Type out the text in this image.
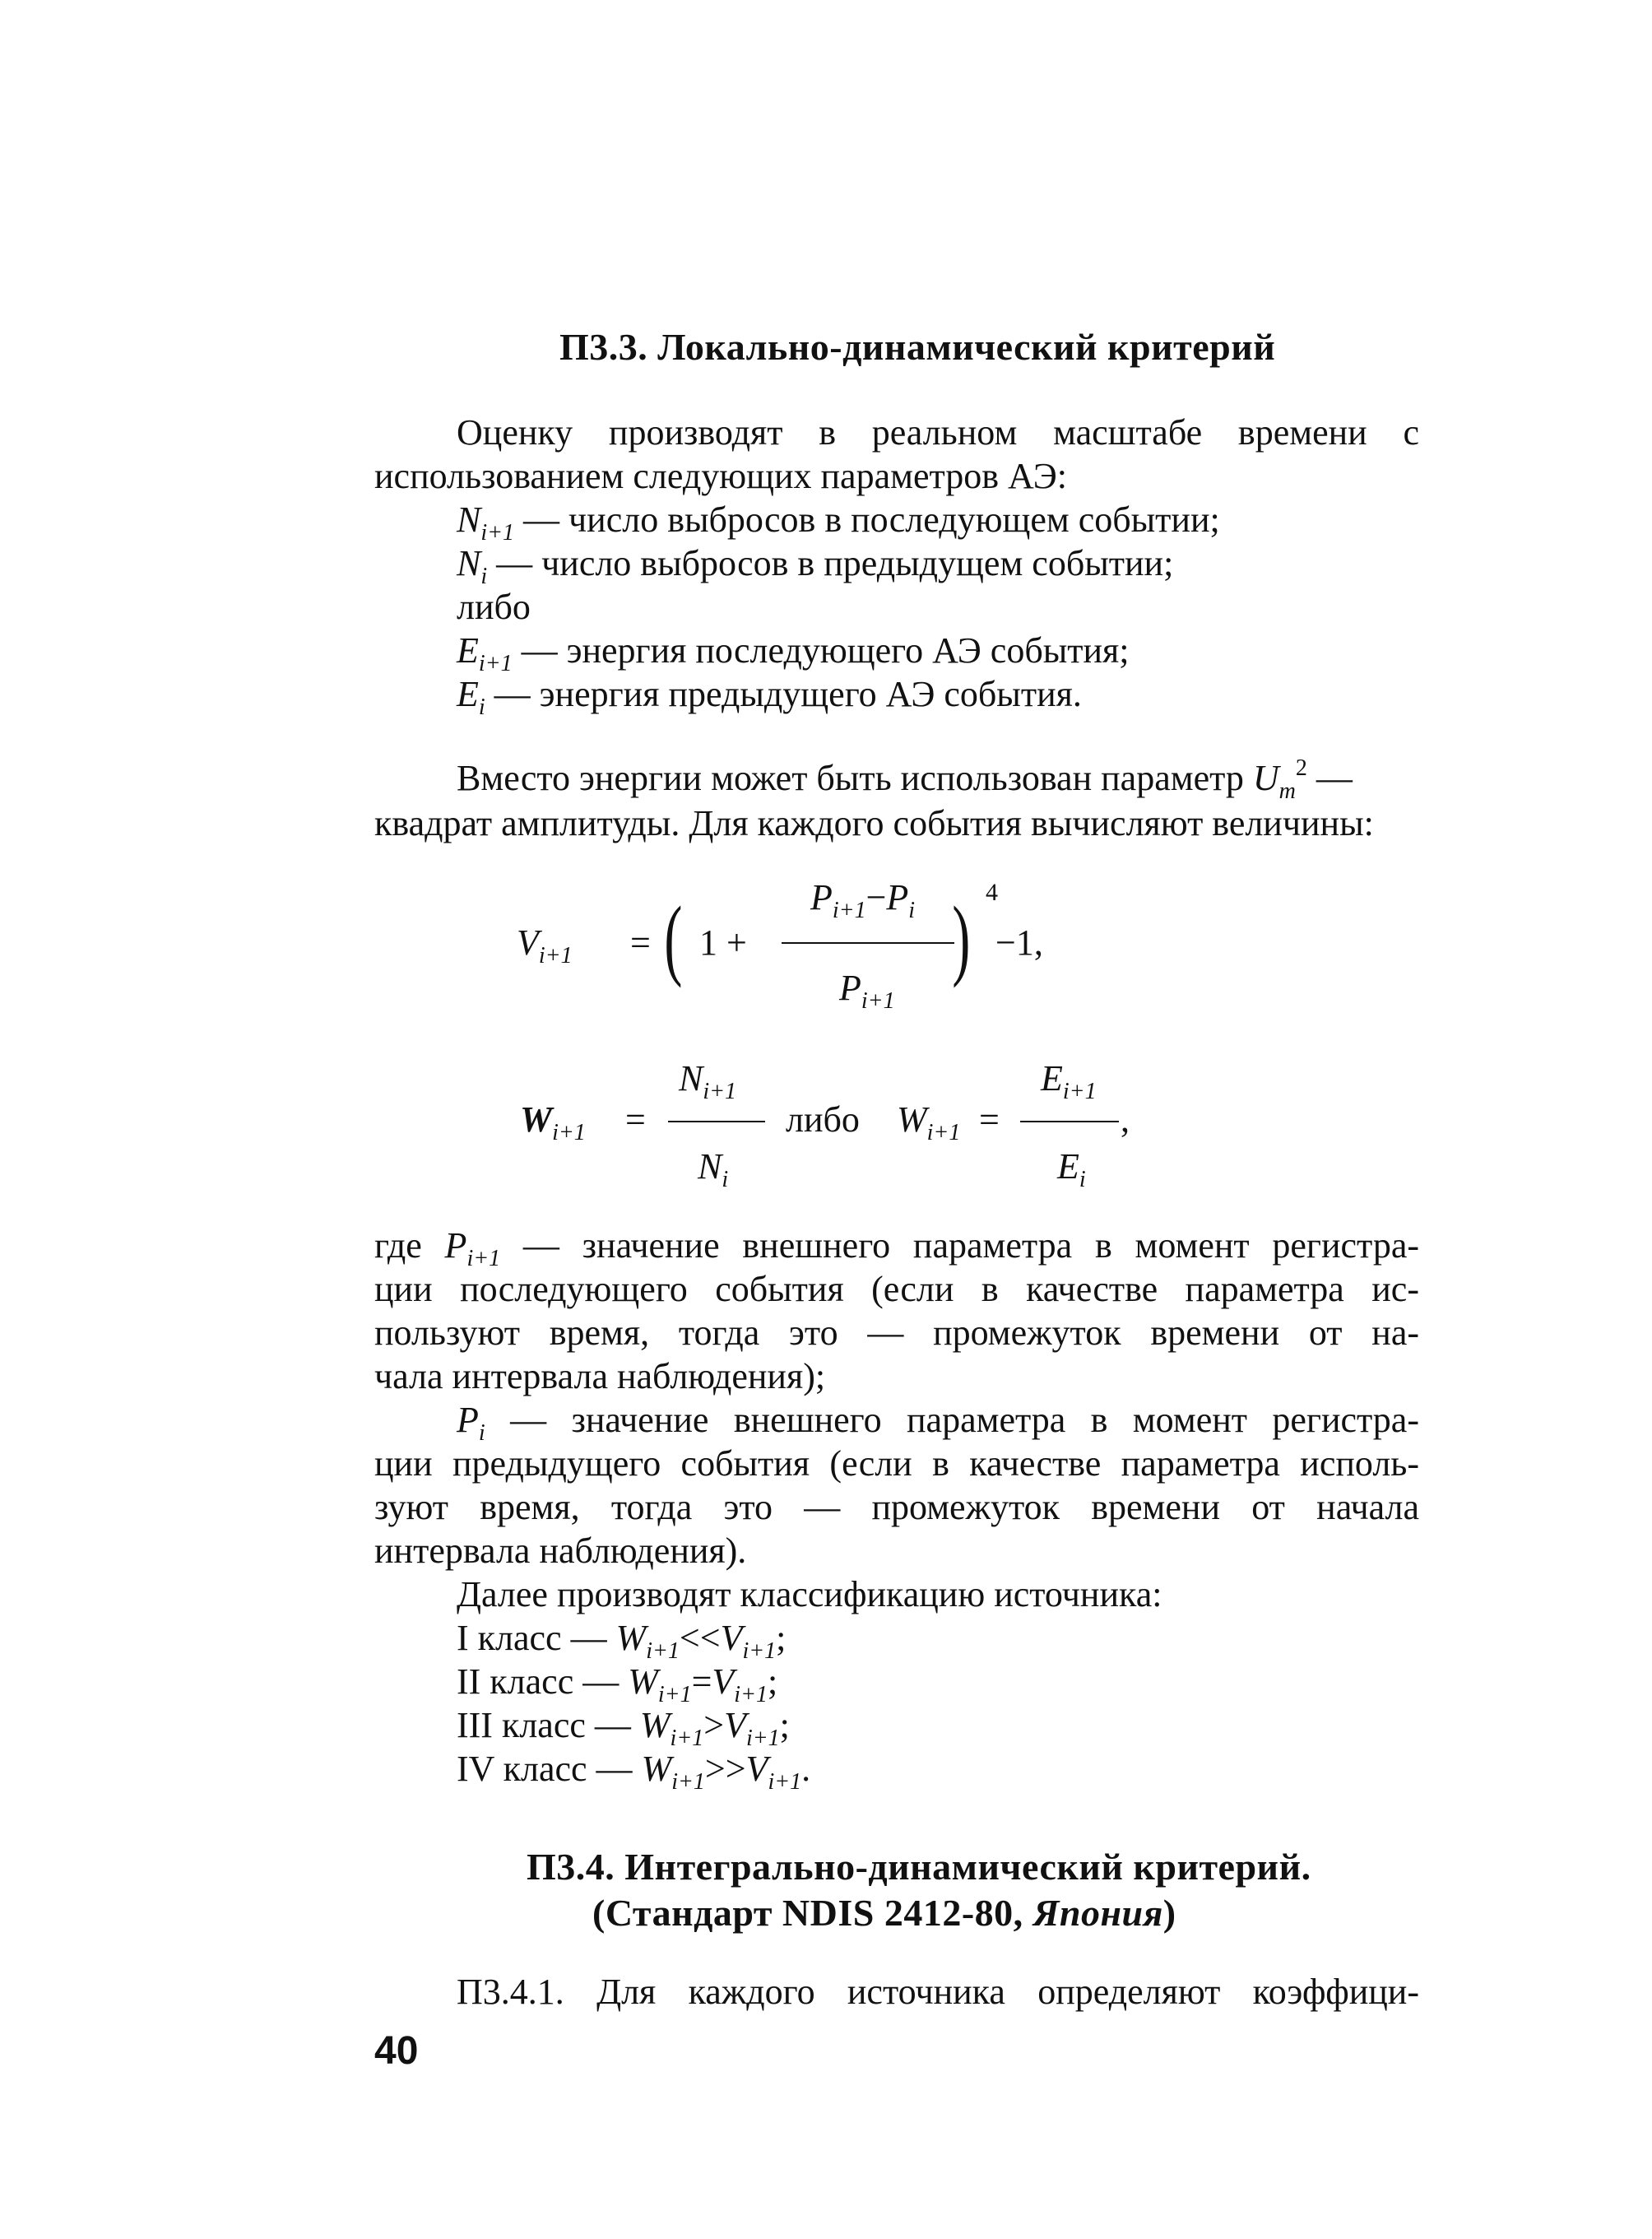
П3.3. Локально-динамический критерий
Оценку производят в реальном масштабе времени с
использованием следующих параметров АЭ:
$N_{i+1}$ — число выбросов в последующем событии;
$N_i$ — число выбросов в предыдущем событии;
либо
$E_{i+1}$ — энергия последующего АЭ события;
$E_i$ — энергия предыдущего АЭ события.
Вместо энергии может быть использован параметр $U_m^2$ —
квадрат амплитуды. Для каждого события вычисляют величины:
$V_{i+1}$ = ( 1 +
$P_{i+1}-P_i$
$P_{i+1}$
) 4
−1,
$W_{i+1}$ =
$N_{i+1}$
$N_i$
либо $W_{i+1}$ =
$E_{i+1}$
$E_i$
,
где $P_{i+1}$ — значение внешнего параметра в момент регистра-
ции последующего события (если в качестве параметра ис-
пользуют время, тогда это — промежуток времени от на-
чала интервала наблюдения);
$P_i$ — значение внешнего параметра в момент регистра-
ции предыдущего события (если в качестве параметра исполь-
зуют время, тогда это — промежуток времени от начала
интервала наблюдения).
Далее производят классификацию источника:
I класс — $W_{i+1}<<V_{i+1}$;
II класс — $W_{i+1}=V_{i+1}$;
III класс — $W_{i+1}>V_{i+1}$;
IV класс — $W_{i+1}>>V_{i+1}$.
П3.4. Интегрально-динамический критерий.
(Стандарт NDIS 2412-80, Япония)
П3.4.1. Для каждого источника определяют коэффици-
40
